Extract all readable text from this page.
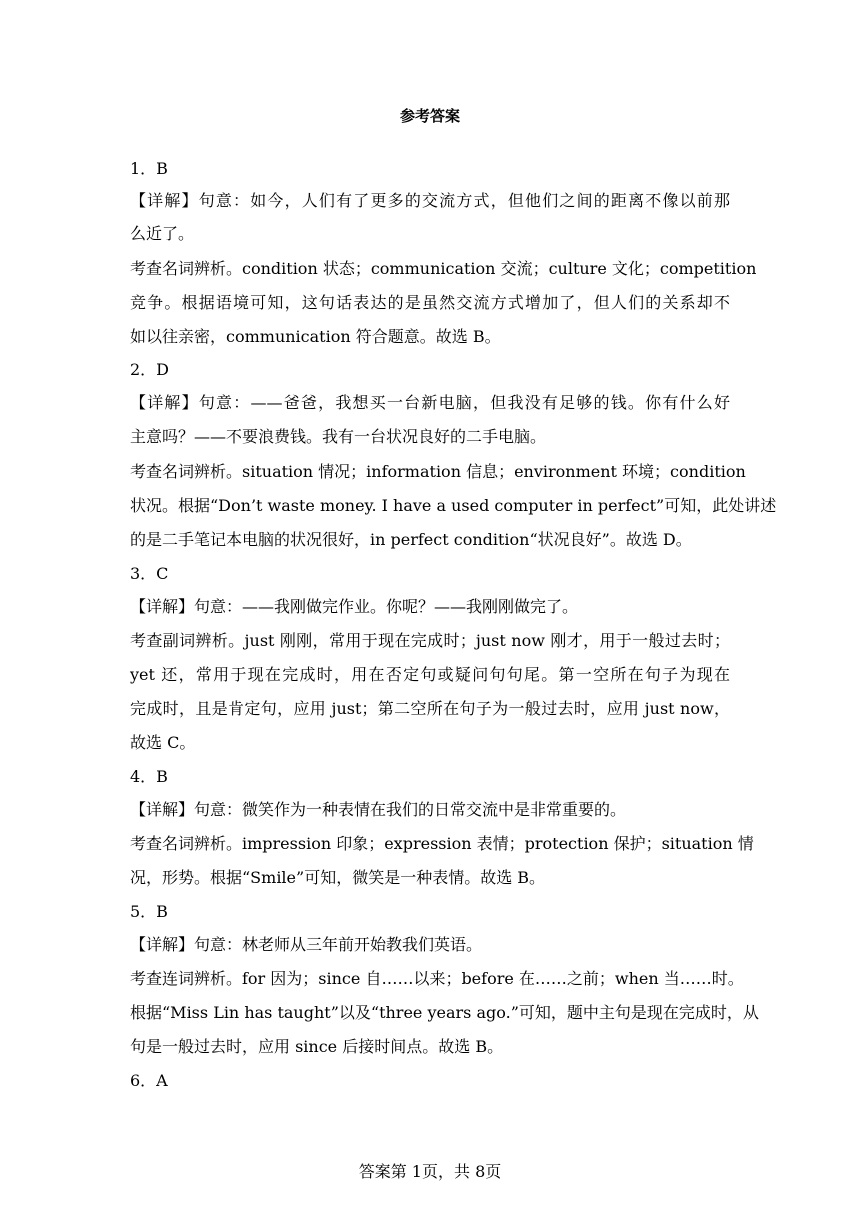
参考答案
1．B
【详解】句意：如今，人们有了更多的交流方式，但他们之间的距离不像以前那
么近了。
考查名词辨析。condition 状态；communication 交流；culture 文化；competition
竞争。根据语境可知，这句话表达的是虽然交流方式增加了，但人们的关系却不
如以往亲密，communication 符合题意。故选 B。
2．D
【详解】句意：——爸爸，我想买一台新电脑，但我没有足够的钱。你有什么好
主意吗？——不要浪费钱。我有一台状况良好的二手电脑。
考查名词辨析。situation 情况；information 信息；environment 环境；condition
状况。根据“Don’t waste money. I have a used computer in perfect”可知，此处讲述
的是二手笔记本电脑的状况很好，in perfect condition“状况良好”。故选 D。
3．C
【详解】句意：——我刚做完作业。你呢？——我刚刚做完了。
考查副词辨析。just 刚刚，常用于现在完成时；just now 刚才，用于一般过去时；
yet 还，常用于现在完成时，用在否定句或疑问句句尾。第一空所在句子为现在
完成时，且是肯定句，应用 just；第二空所在句子为一般过去时，应用 just now，
故选 C。
4．B
【详解】句意：微笑作为一种表情在我们的日常交流中是非常重要的。
考查名词辨析。impression 印象；expression 表情；protection 保护；situation 情
况，形势。根据“Smile”可知，微笑是一种表情。故选 B。
5．B
【详解】句意：林老师从三年前开始教我们英语。
考查连词辨析。for 因为；since 自……以来；before 在……之前；when 当……时。
根据“Miss Lin has taught”以及“three years ago.”可知，题中主句是现在完成时，从
句是一般过去时，应用 since 后接时间点。故选 B。
6．A
答案第 1页，共 8页
